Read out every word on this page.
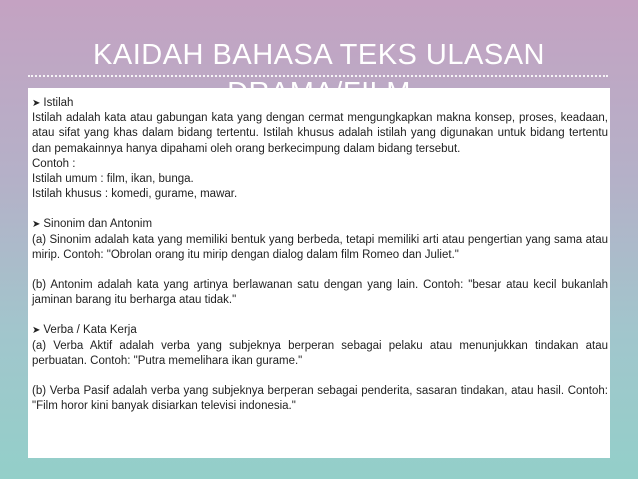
KAIDAH BAHASA TEKS ULASAN

➤ Istilah

Istilah adalah kata atau gabungan kata yang dengan cermat mengungkapkan makna konsep, proses, keadaan, atau sifat yang khas dalam bidang tertentu. Istilah khusus adalah istilah yang digunakan untuk bidang tertentu dan pemakainnya hanya dipahami oleh orang berkecimpung dalam bidang tersebut.

Contoh :

Istilah umum : film, ikan, bunga.

Istilah khusus : komedi, gurame, mawar.

➤ Sinonim dan Antonim

(a) Sinonim adalah kata yang memiliki bentuk yang berbeda, tetapi memiliki arti atau pengertian yang sama atau mirip. Contoh: "Obrolan orang itu mirip dengan dialog dalam film Romeo dan Juliet."

(b) Antonim adalah kata yang artinya berlawanan satu dengan yang lain. Contoh: "besar atau kecil bukanlah jaminan barang itu berharga atau tidak."

➤ Verba / Kata Kerja

(a) Verba Aktif adalah verba yang subjeknya berperan sebagai pelaku atau menunjukkan tindakan atau perbuatan. Contoh: "Putra memelihara ikan gurame."

(b) Verba Pasif adalah verba yang subjeknya berperan sebagai penderita, sasaran tindakan, atau hasil. Contoh: "Film horor kini banyak disiarkan televisi indonesia."
